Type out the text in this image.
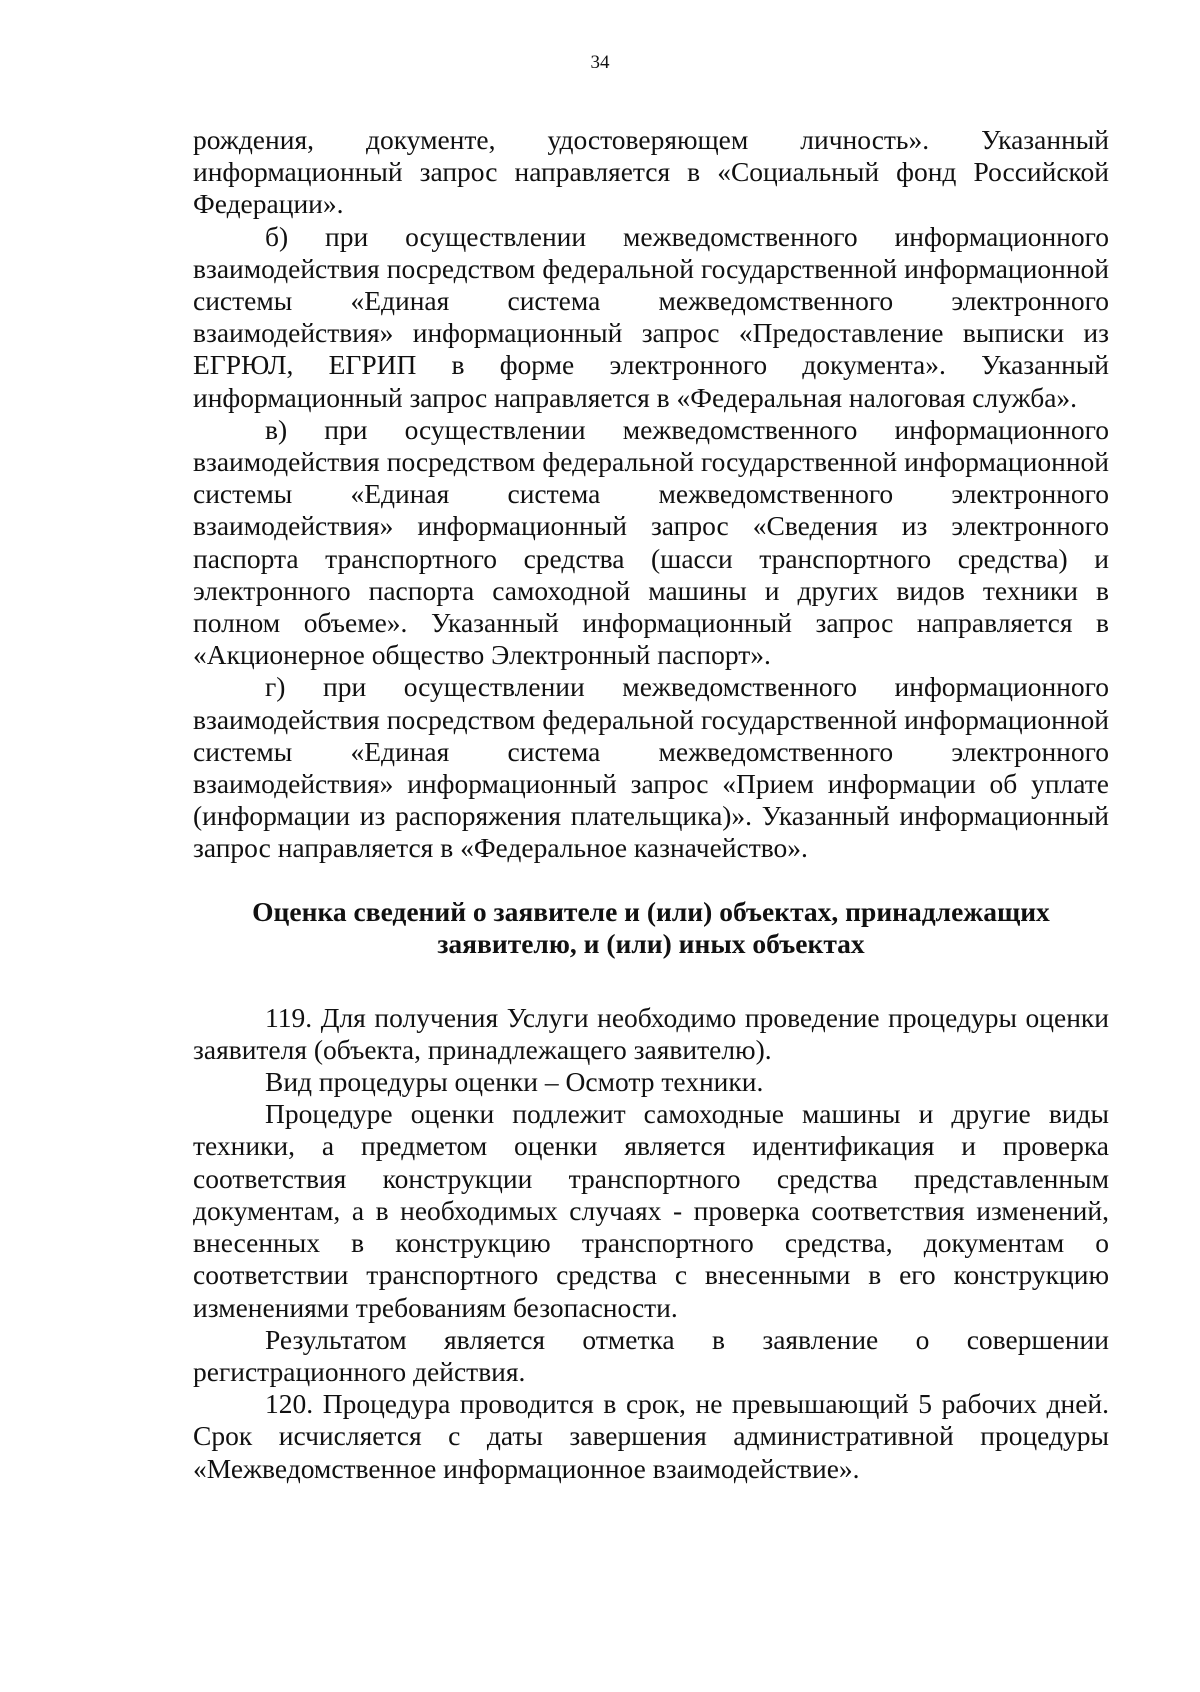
34

рождения, документе, удостоверяющем личность». Указанный информационный запрос направляется в «Социальный фонд Российской Федерации».

б) при осуществлении межведомственного информационного взаимодействия посредством федеральной государственной информационной системы «Единая система межведомственного электронного взаимодействия» информационный запрос «Предоставление выписки из ЕГРЮЛ, ЕГРИП в форме электронного документа». Указанный информационный запрос направляется в «Федеральная налоговая служба».

в) при осуществлении межведомственного информационного взаимодействия посредством федеральной государственной информационной системы «Единая система межведомственного электронного взаимодействия» информационный запрос «Сведения из электронного паспорта транспортного средства (шасси транспортного средства) и электронного паспорта самоходной машины и других видов техники в полном объеме». Указанный информационный запрос направляется в «Акционерное общество Электронный паспорт».

г) при осуществлении межведомственного информационного взаимодействия посредством федеральной государственной информационной системы «Единая система межведомственного электронного взаимодействия» информационный запрос «Прием информации об уплате (информации из распоряжения плательщика)». Указанный информационный запрос направляется в «Федеральное казначейство».

Оценка сведений о заявителе и (или) объектах, принадлежащих
заявителю, и (или) иных объектах

119. Для получения Услуги необходимо проведение процедуры оценки заявителя (объекта, принадлежащего заявителю).

Вид процедуры оценки – Осмотр техники.

Процедуре оценки подлежит самоходные машины и другие виды техники, а предметом оценки является идентификация и проверка соответствия конструкции транспортного средства представленным документам, а в необходимых случаях - проверка соответствия изменений, внесенных в конструкцию транспортного средства, документам о соответствии транспортного средства с внесенными в его конструкцию изменениями требованиям безопасности.

Результатом является отметка в заявление о совершении регистрационного действия.

120. Процедура проводится в срок, не превышающий 5 рабочих дней. Срок исчисляется с даты завершения административной процедуры «Межведомственное информационное взаимодействие».
